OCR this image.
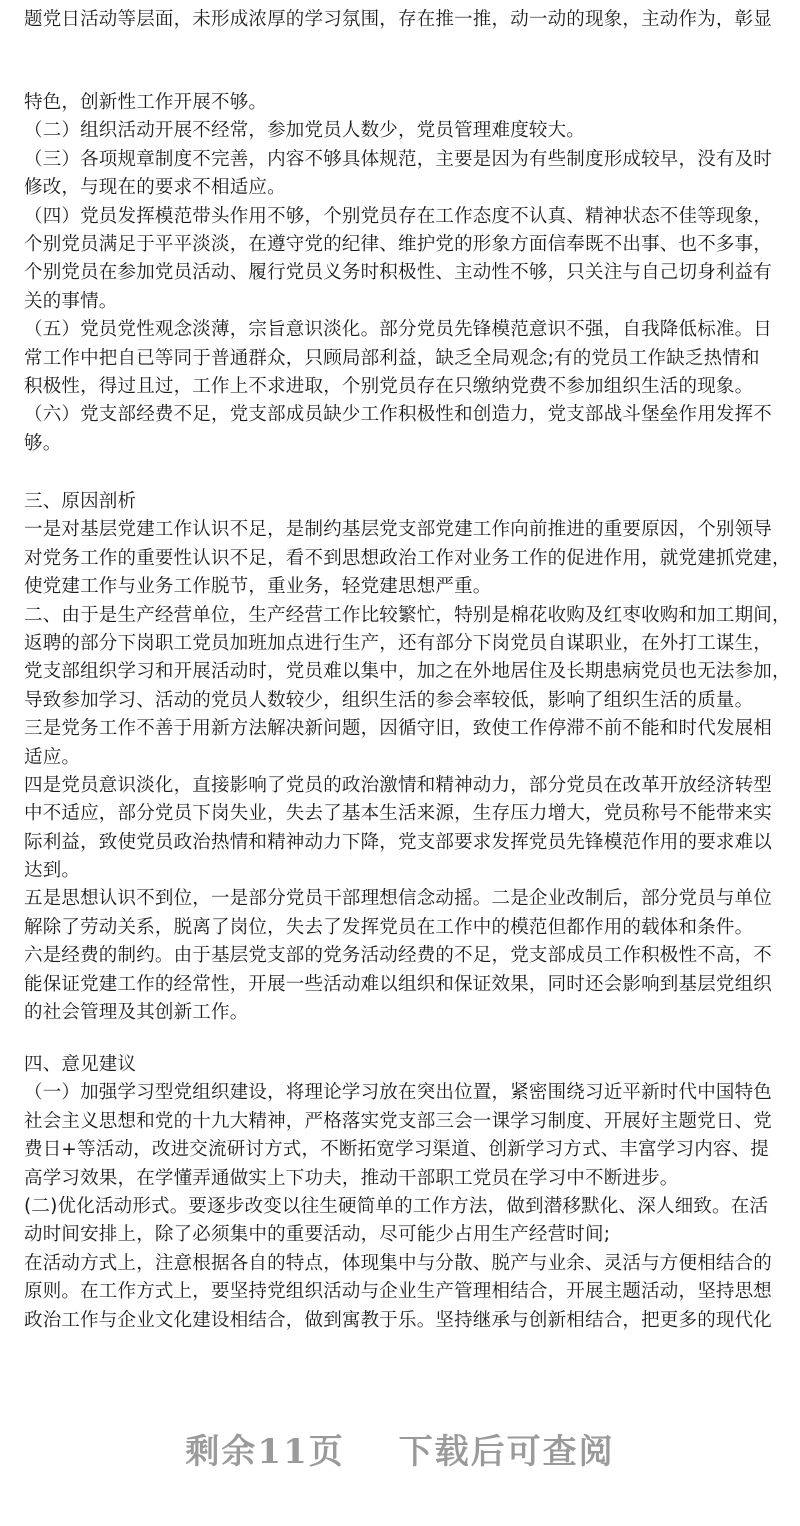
题党日活动等层面，未形成浓厚的学习氛围，存在推一推，动一动的现象，主动作为，彰显
特色，创新性工作开展不够。
（二）组织活动开展不经常，参加党员人数少，党员管理难度较大。
（三）各项规章制度不完善，内容不够具体规范，主要是因为有些制度形成较早，没有及时
修改，与现在的要求不相适应。
（四）党员发挥模范带头作用不够，个别党员存在工作态度不认真、精神状态不佳等现象，
个别党员满足于平平淡淡，在遵守党的纪律、维护党的形象方面信奉既不出事、也不多事，
个别党员在参加党员活动、履行党员义务时积极性、主动性不够，只关注与自己切身利益有
关的事情。
（五）党员党性观念淡薄，宗旨意识淡化。部分党员先锋模范意识不强，自我降低标准。日
常工作中把自已等同于普通群众，只顾局部利益，缺乏全局观念;有的党员工作缺乏热情和
积极性，得过且过，工作上不求进取，个别党员存在只缴纳党费不参加组织生活的现象。
（六）党支部经费不足，党支部成员缺少工作积极性和创造力，党支部战斗堡垒作用发挥不
够。
三、原因剖析
一是对基层党建工作认识不足，是制约基层党支部党建工作向前推进的重要原因，个别领导
对党务工作的重要性认识不足，看不到思想政治工作对业务工作的促进作用，就党建抓党建，
使党建工作与业务工作脱节，重业务，轻党建思想严重。
二、由于是生产经营单位，生产经营工作比较繁忙，特别是棉花收购及红枣收购和加工期间，
返聘的部分下岗职工党员加班加点进行生产，还有部分下岗党员自谋职业，在外打工谋生，
党支部组织学习和开展活动时，党员难以集中，加之在外地居住及长期患病党员也无法参加，
导致参加学习、活动的党员人数较少，组织生活的参会率较低，影响了组织生活的质量。
三是党务工作不善于用新方法解决新问题，因循守旧，致使工作停滞不前不能和时代发展相
适应。
四是党员意识淡化，直接影响了党员的政治激情和精神动力，部分党员在改革开放经济转型
中不适应，部分党员下岗失业，失去了基本生活来源，生存压力增大，党员称号不能带来实
际利益，致使党员政治热情和精神动力下降，党支部要求发挥党员先锋模范作用的要求难以
达到。
五是思想认识不到位，一是部分党员干部理想信念动摇。二是企业改制后，部分党员与单位
解除了劳动关系，脱离了岗位，失去了发挥党员在工作中的模范但都作用的载体和条件。
六是经费的制约。由于基层党支部的党务活动经费的不足，党支部成员工作积极性不高，不
能保证党建工作的经常性，开展一些活动难以组织和保证效果，同时还会影响到基层党组织
的社会管理及其创新工作。
四、意见建议
（一）加强学习型党组织建设，将理论学习放在突出位置，紧密围绕习近平新时代中国特色
社会主义思想和党的十九大精神，严格落实党支部三会一课学习制度、开展好主题党日、党
费日+等活动，改进交流研讨方式，不断拓宽学习渠道、创新学习方式、丰富学习内容、提
高学习效果，在学懂弄通做实上下功夫，推动干部职工党员在学习中不断进步。
(二)优化活动形式。要逐步改变以往生硬简单的工作方法，做到潜移默化、深人细致。在活
动时间安排上，除了必须集中的重要活动，尽可能少占用生产经营时间;
在活动方式上，注意根据各自的特点，体现集中与分散、脱产与业余、灵活与方便相结合的
原则。在工作方式上，要坚持党组织活动与企业生产管理相结合，开展主题活动，坚持思想
政治工作与企业文化建设相结合，做到寓教于乐。坚持继承与创新相结合，把更多的现代化
剩余11页 下载后可查阅
